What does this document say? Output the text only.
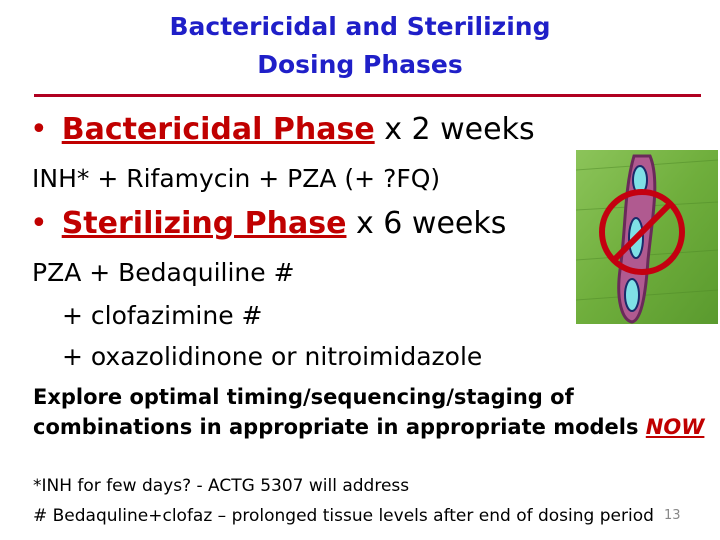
Bactericidal and Sterilizing
Dosing Phases
• Bactericidal Phase x 2 weeks
INH* + Rifamycin + PZA (+ ?FQ)
• Sterilizing Phase x 6 weeks
PZA + Bedaquiline #
+ clofazimine #
+ oxazolidinone or nitroimidazole
Explore optimal timing/sequencing/staging of
combinations in appropriate in appropriate models NOW
*INH for few days? - ACTG 5307 will address
# Bedaquline+clofaz – prolonged tissue levels after end of dosing period 13
